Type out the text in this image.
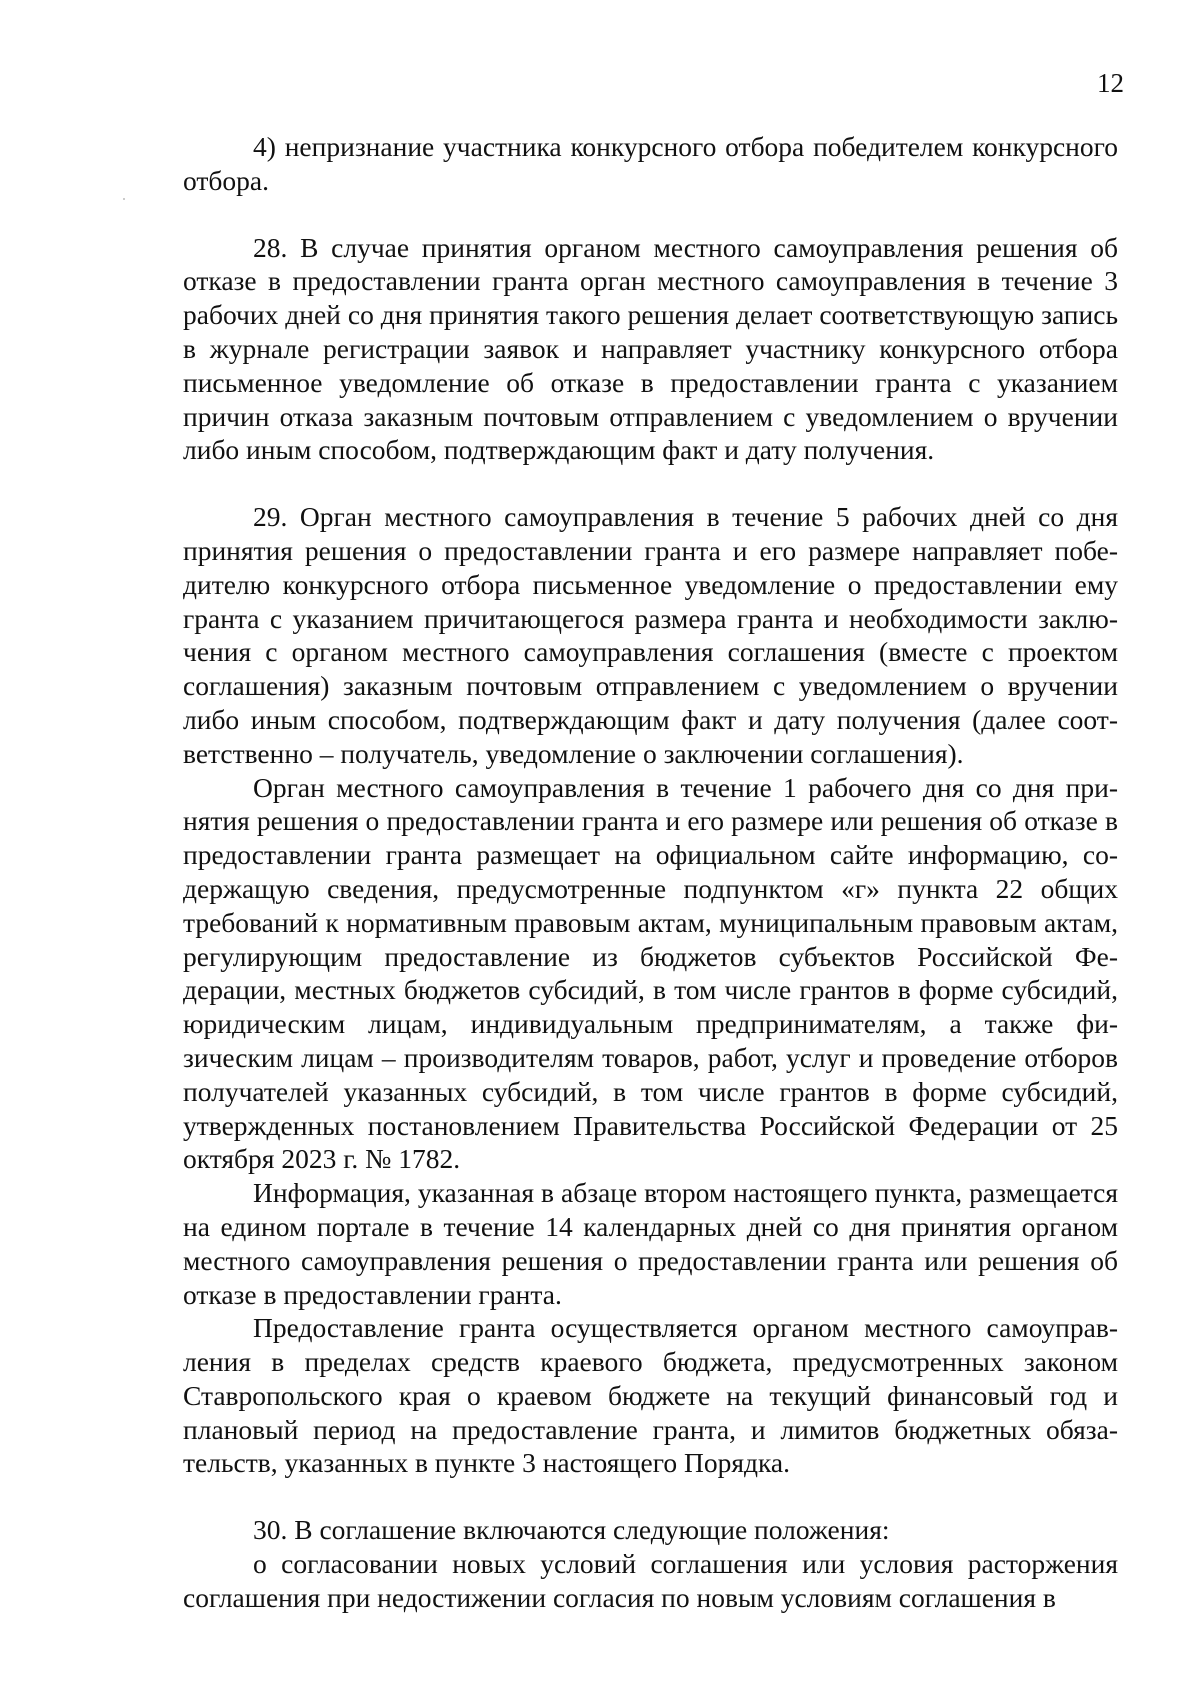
12

4) непризнание участника конкурсного отбора победителем конкурсного отбора.

28. В случае принятия органом местного самоуправления решения об отказе в предоставлении гранта орган местного самоуправления в течение 3 рабочих дней со дня принятия такого решения делает соответствующую запись в журнале регистрации заявок и направляет участнику конкурсного отбора письменное уведомление об отказе в предоставлении гранта с указанием причин отказа заказным почтовым отправлением с уведомлением о вручении либо иным способом, подтверждающим факт и дату получения.

29. Орган местного самоуправления в течение 5 рабочих дней со дня принятия решения о предоставлении гранта и его размере направляет победителю конкурсного отбора письменное уведомление о предоставлении ему гранта с указанием причитающегося размера гранта и необходимости заключения с органом местного самоуправления соглашения (вместе с проектом соглашения) заказным почтовым отправлением с уведомлением о вручении либо иным способом, подтверждающим факт и дату получения (далее соответственно – получатель, уведомление о заключении соглашения).

Орган местного самоуправления в течение 1 рабочего дня со дня принятия решения о предоставлении гранта и его размере или решения об отказе в предоставлении гранта размещает на официальном сайте информацию, содержащую сведения, предусмотренные подпунктом «г» пункта 22 общих требований к нормативным правовым актам, муниципальным правовым актам, регулирующим предоставление из бюджетов субъектов Российской Федерации, местных бюджетов субсидий, в том числе грантов в форме субсидий, юридическим лицам, индивидуальным предпринимателям, а также физическим лицам – производителям товаров, работ, услуг и проведение отборов получателей указанных субсидий, в том числе грантов в форме субсидий, утвержденных постановлением Правительства Российской Федерации от 25 октября 2023 г. № 1782.

Информация, указанная в абзаце втором настоящего пункта, размещается на едином портале в течение 14 календарных дней со дня принятия органом местного самоуправления решения о предоставлении гранта или решения об отказе в предоставлении гранта.

Предоставление гранта осуществляется органом местного самоуправления в пределах средств краевого бюджета, предусмотренных законом Ставропольского края о краевом бюджете на текущий финансовый год и плановый период на предоставление гранта, и лимитов бюджетных обязательств, указанных в пункте 3 настоящего Порядка.

30. В соглашение включаются следующие положения:

о согласовании новых условий соглашения или условия расторжения соглашения при недостижении согласия по новым условиям соглашения в
